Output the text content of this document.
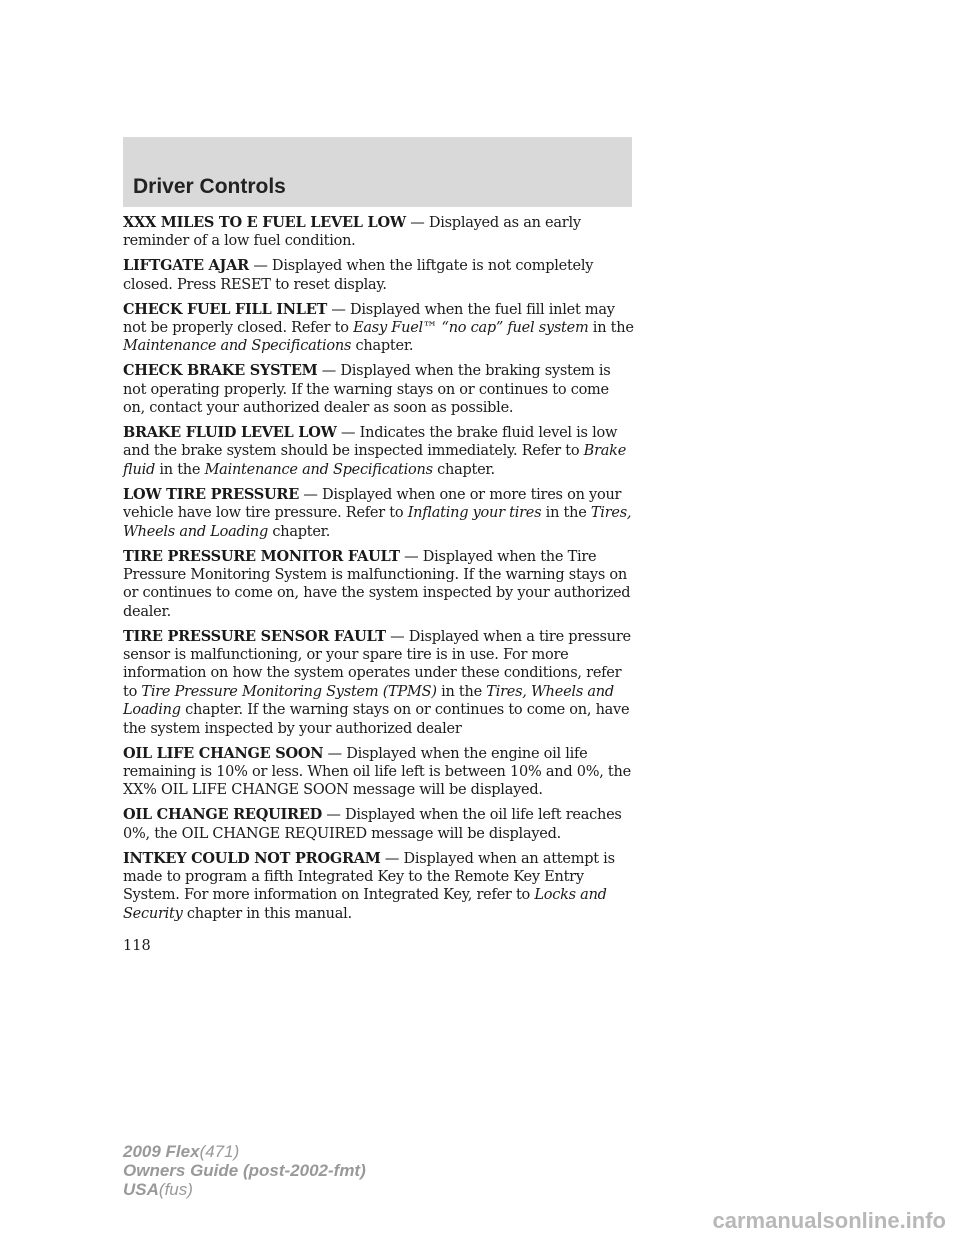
Driver Controls

XXX MILES TO E FUEL LEVEL LOW — Displayed as an early reminder of a low fuel condition.

LIFTGATE AJAR — Displayed when the liftgate is not completely closed. Press RESET to reset display.

CHECK FUEL FILL INLET — Displayed when the fuel fill inlet may not be properly closed. Refer to Easy Fuel™ “no cap” fuel system in the Maintenance and Specifications chapter.

CHECK BRAKE SYSTEM — Displayed when the braking system is not operating properly. If the warning stays on or continues to come on, contact your authorized dealer as soon as possible.

BRAKE FLUID LEVEL LOW — Indicates the brake fluid level is low and the brake system should be inspected immediately. Refer to Brake fluid in the Maintenance and Specifications chapter.

LOW TIRE PRESSURE — Displayed when one or more tires on your vehicle have low tire pressure. Refer to Inflating your tires in the Tires, Wheels and Loading chapter.

TIRE PRESSURE MONITOR FAULT — Displayed when the Tire Pressure Monitoring System is malfunctioning. If the warning stays on or continues to come on, have the system inspected by your authorized dealer.

TIRE PRESSURE SENSOR FAULT — Displayed when a tire pressure sensor is malfunctioning, or your spare tire is in use. For more information on how the system operates under these conditions, refer to Tire Pressure Monitoring System (TPMS) in the Tires, Wheels and Loading chapter. If the warning stays on or continues to come on, have the system inspected by your authorized dealer

OIL LIFE CHANGE SOON — Displayed when the engine oil life remaining is 10% or less. When oil life left is between 10% and 0%, the XX% OIL LIFE CHANGE SOON message will be displayed.

OIL CHANGE REQUIRED — Displayed when the oil life left reaches 0%, the OIL CHANGE REQUIRED message will be displayed.

INTKEY COULD NOT PROGRAM — Displayed when an attempt is made to program a fifth Integrated Key to the Remote Key Entry System. For more information on Integrated Key, refer to Locks and Security chapter in this manual.

118
2009 Flex(471)
Owners Guide (post-2002-fmt)
USA(fus)
carmanualsonline.info
